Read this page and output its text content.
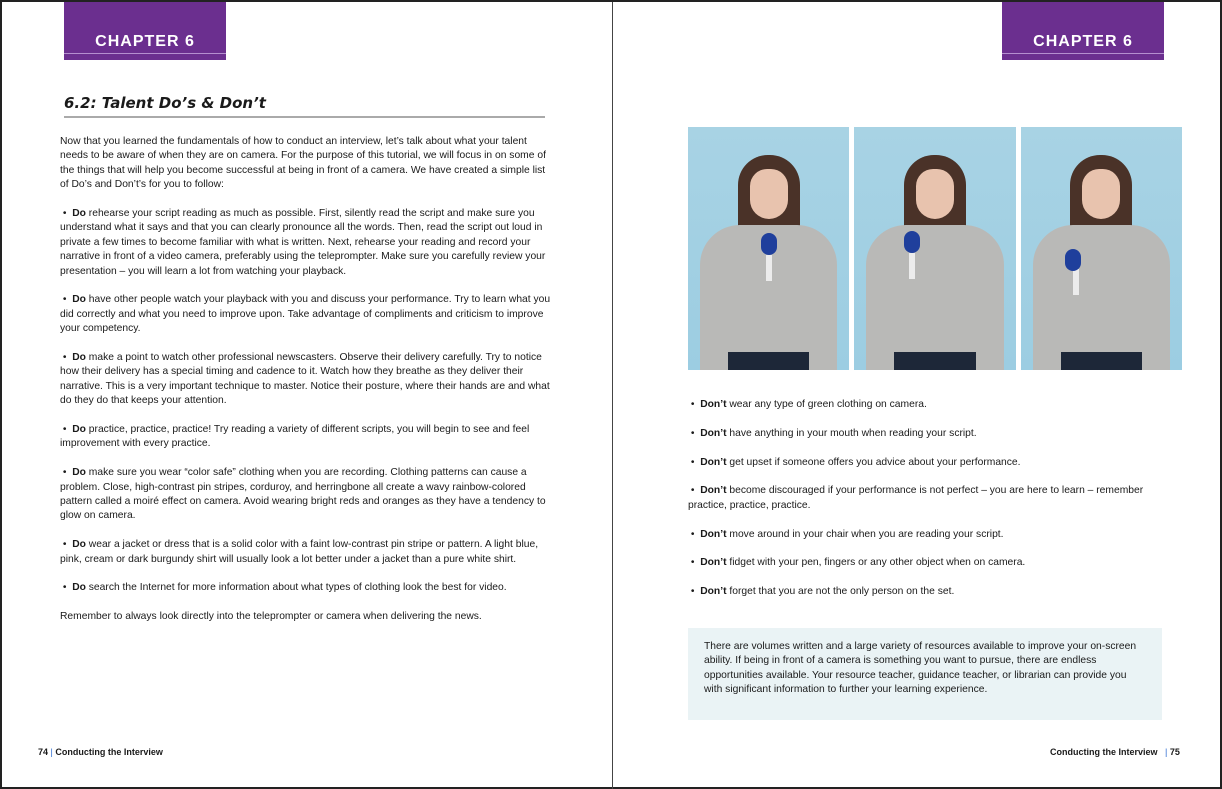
CHAPTER 6
6.2: Talent Do’s & Don’t

Now that you learned the fundamentals of how to conduct an interview, let’s talk about what your talent needs to be aware of when they are on camera. For the purpose of this tutorial, we will focus in on some of the things that will help you become successful at being in front of a camera. We have created a simple list of Do’s and Don’t’s for you to follow:

•  Do rehearse your script reading as much as possible. First, silently read the script and make sure you understand what it says and that you can clearly pronounce all the words. Then, read the script out loud in private a few times to become familiar with what is written. Next, rehearse your reading and record your narrative in front of a video camera, preferably using the teleprompter. Make sure you carefully review your presentation – you will learn a lot from watching your playback.

•  Do have other people watch your playback with you and discuss your performance. Try to learn what you did correctly and what you need to improve upon. Take advantage of compliments and criticism to improve your competency.

•  Do make a point to watch other professional newscasters. Observe their delivery carefully. Try to notice how their delivery has a special timing and cadence to it. Watch how they breathe as they deliver their narrative. This is a very important technique to master. Notice their posture, where their hands are and what do they do that keeps your attention.

•  Do practice, practice, practice! Try reading a variety of different scripts, you will begin to see and feel improvement with every practice.

•  Do make sure you wear “color safe” clothing when you are recording. Clothing patterns can cause a problem. Close, high-contrast pin stripes, corduroy, and herringbone all create a wavy rainbow-colored pattern called a moiré effect on camera. Avoid wearing bright reds and oranges as they have a tendency to glow on camera.

•  Do wear a jacket or dress that is a solid color with a faint low-contrast pin stripe or pattern. A light blue, pink, cream or dark burgundy shirt will usually look a lot better under a jacket than a pure white shirt.

•  Do search the Internet for more information about what types of clothing look the best for video.

Remember to always look directly into the teleprompter or camera when delivering the news.

74 | Conducting the Interview
CHAPTER 6

•  Don’t wear any type of green clothing on camera.

•  Don’t have anything in your mouth when reading your script.

•  Don’t get upset if someone offers you advice about your performance.

•  Don’t become discouraged if your performance is not perfect – you are here to learn – remember practice, practice, practice.

•  Don’t move around in your chair when you are reading your script.

•  Don’t fidget with your pen, fingers or any other object when on camera.

•  Don’t forget that you are not the only person on the set.

There are volumes written and a large variety of resources available to improve your on-screen ability. If being in front of a camera is something you want to pursue, there are endless opportunities available. Your resource teacher, guidance teacher, or librarian can provide you with significant information to further your learning experience.
Conducting the Interview   | 75
